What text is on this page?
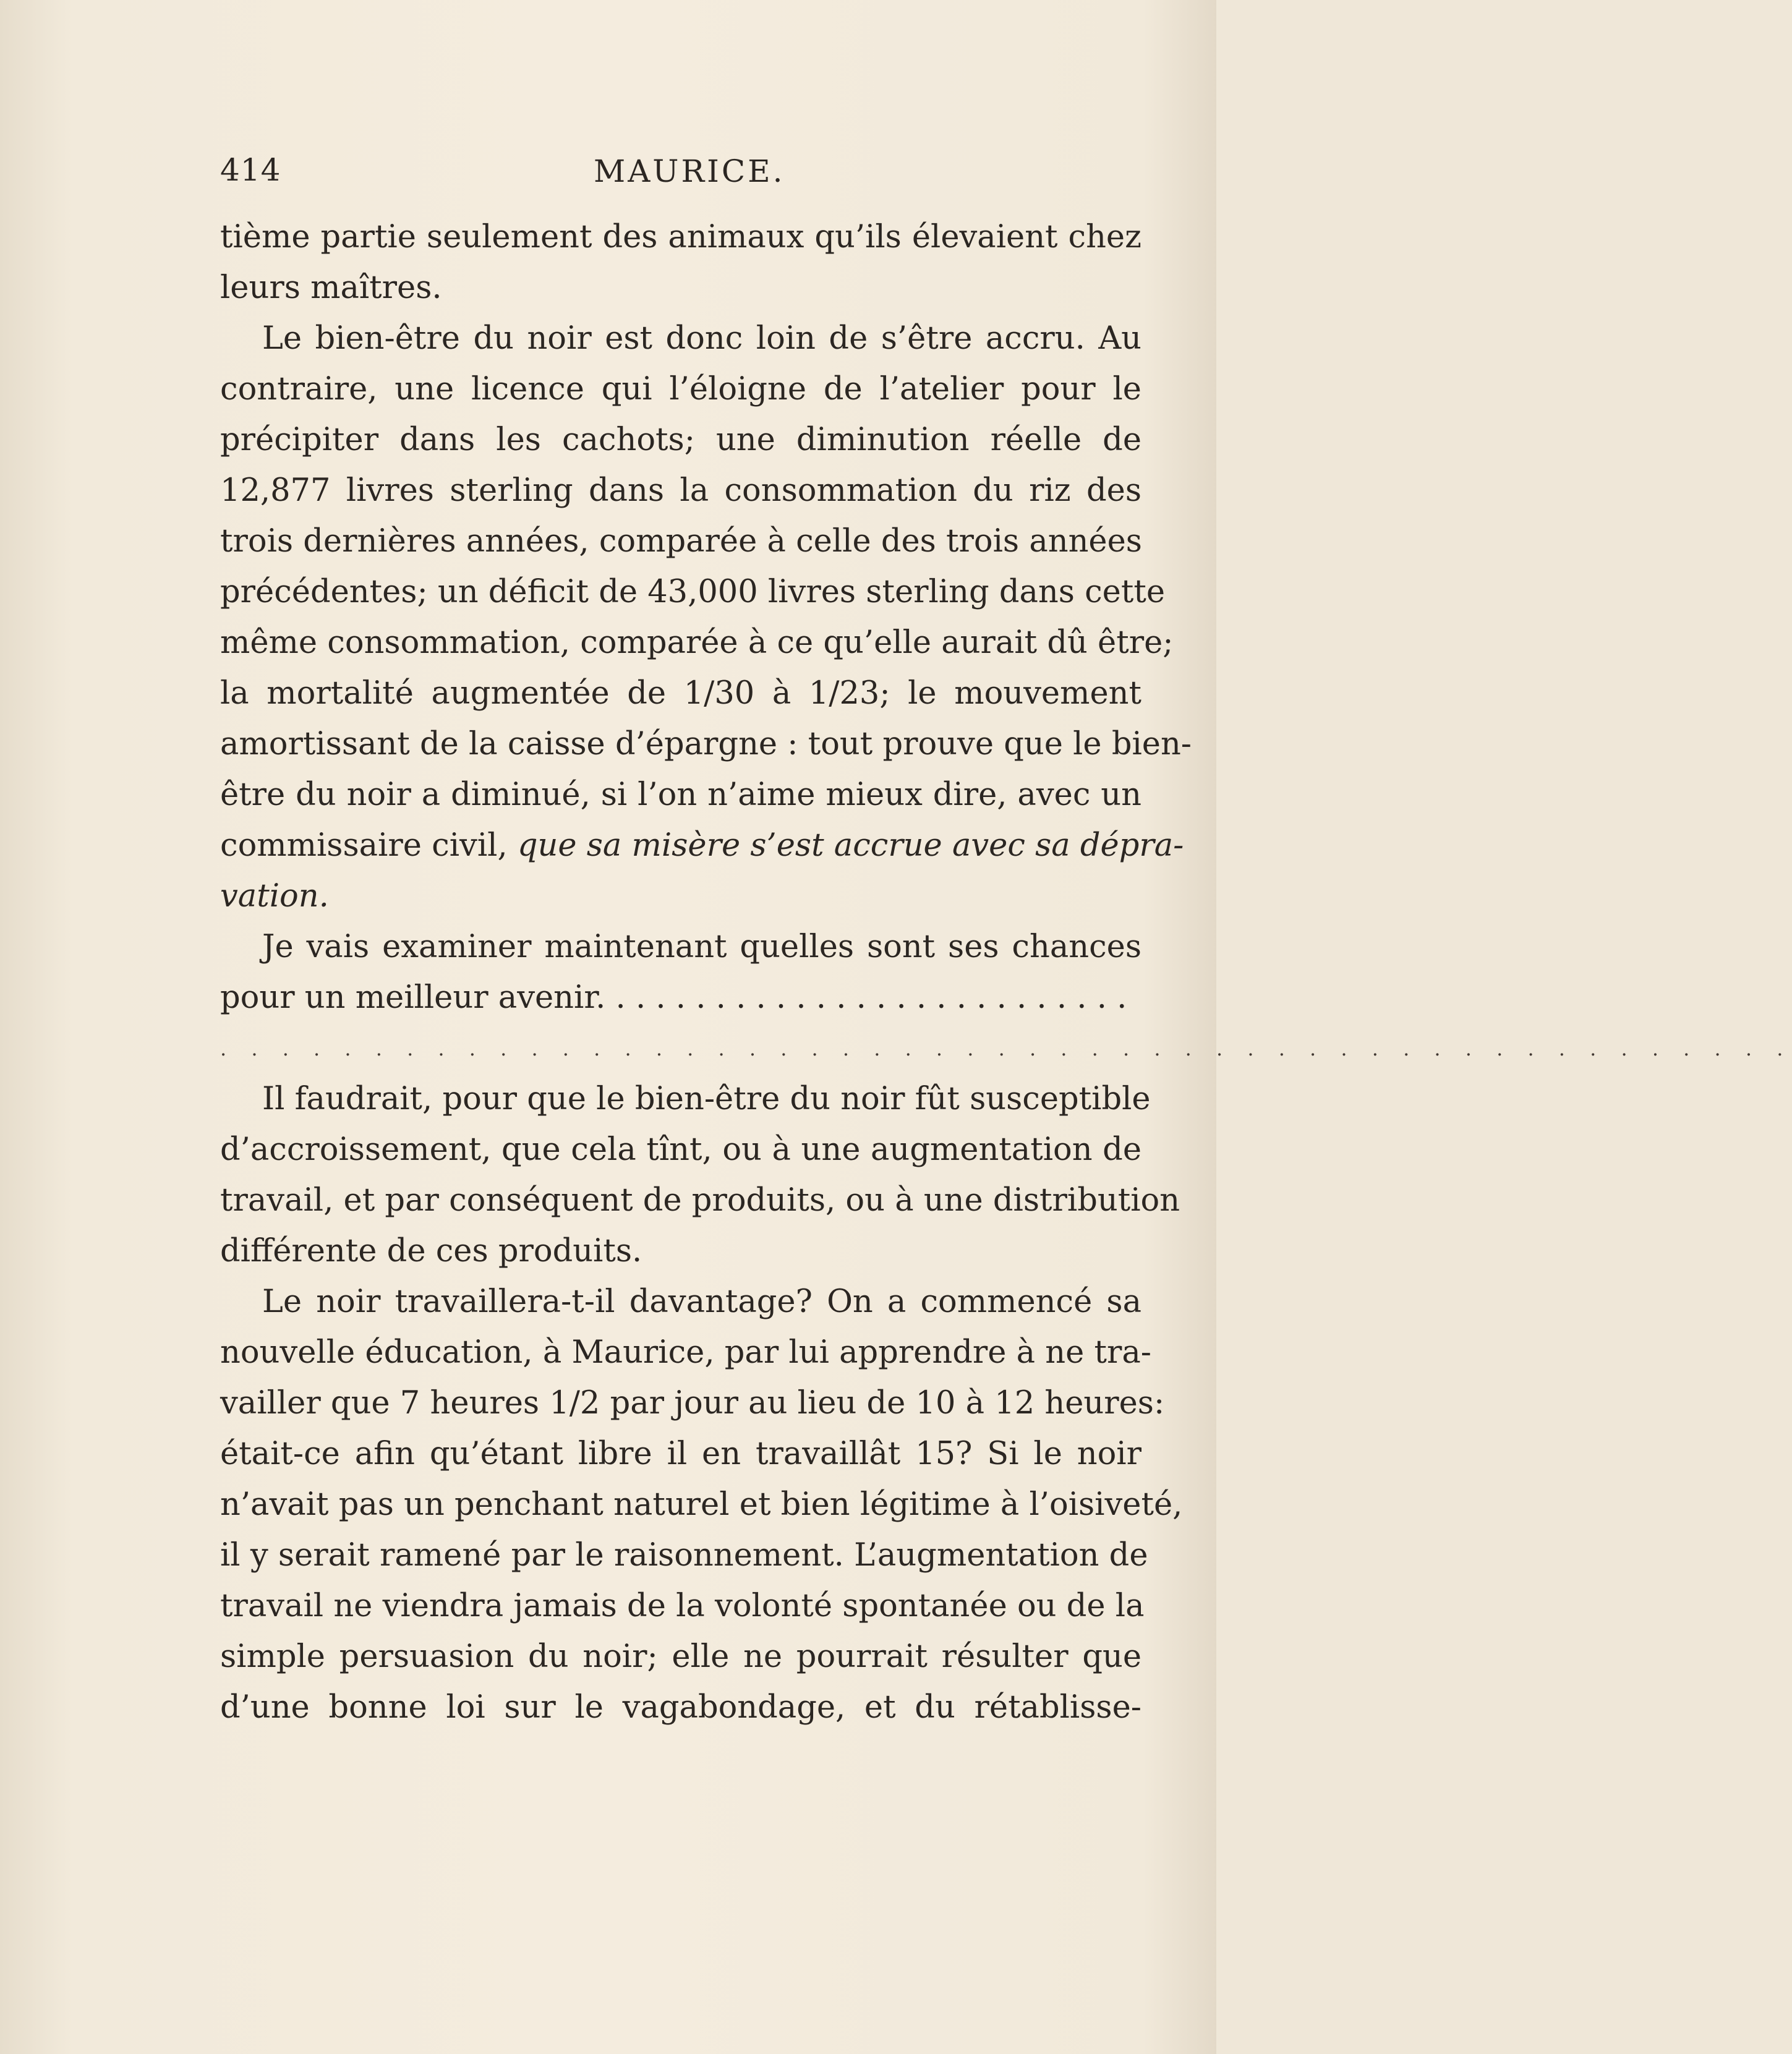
414	MAURICE.
tième partie seulement des animaux qu’ils élevaient chez
leurs maîtres.
Le bien-être du noir est donc loin de s’être accru. Au
contraire, une licence qui l’éloigne de l’atelier pour le
précipiter dans les cachots; une diminution réelle de
12,877 livres sterling dans la consommation du riz des
trois dernières années, comparée à celle des trois années
précédentes; un déficit de 43,000 livres sterling dans cette
même consommation, comparée à ce qu’elle aurait dû être;
la mortalité augmentée de 1/30 à 1/23; le mouvement
amortissant de la caisse d’épargne : tout prouve que le bien-
être du noir a diminué, si l’on n’aime mieux dire, avec un
commissaire civil, que sa misère s’est accrue avec sa dépra-
vation.
Je vais examiner maintenant quelles sont ses chances
pour un meilleur avenir. . . . . . . . . . . . . . . . . . . . . . . . . . .
. . . . . . . . . . . . . . . . . . . . . . . . . . . . . . . . . . . . . . . . . . . . . . . . . . .
Il faudrait, pour que le bien-être du noir fût susceptible
d’accroissement, que cela tînt, ou à une augmentation de
travail, et par conséquent de produits, ou à une distribution
différente de ces produits.
Le noir travaillera-t-il davantage? On a commencé sa
nouvelle éducation, à Maurice, par lui apprendre à ne tra-
vailler que 7 heures 1/2 par jour au lieu de 10 à 12 heures:
était-ce afin qu’étant libre il en travaillât 15? Si le noir
n’avait pas un penchant naturel et bien légitime à l’oisiveté,
il y serait ramené par le raisonnement. L’augmentation de
travail ne viendra jamais de la volonté spontanée ou de la
simple persuasion du noir; elle ne pourrait résulter que
d’une bonne loi sur le vagabondage, et du rétablisse-
